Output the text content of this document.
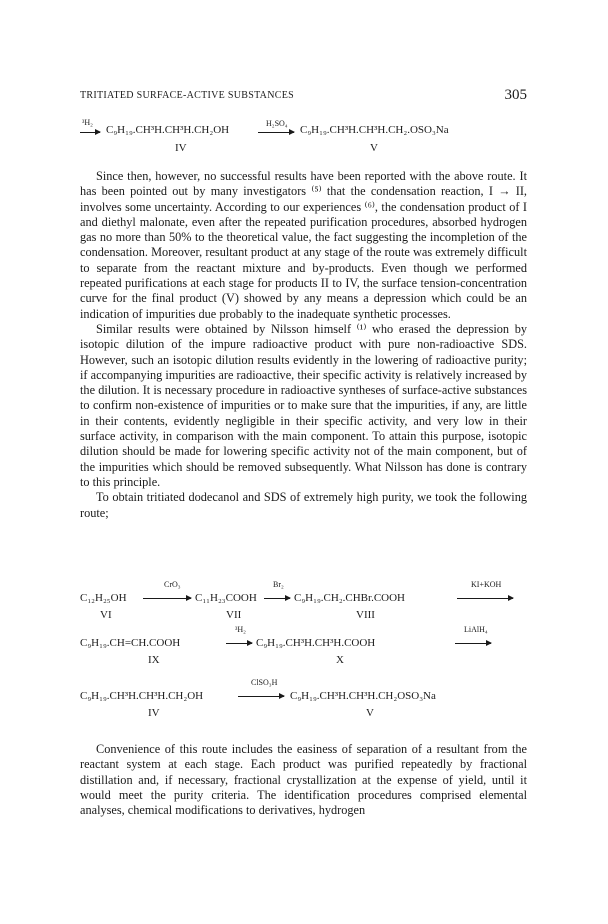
TRITIATED SURFACE-ACTIVE SUBSTANCES	305
³H₂
→ C₉H₁₉.CH³H.CH³H.CH₂OH
H₂SO₄
→ C₉H₁₉.CH³H.CH³H.CH₂.OSO₃Na
IV	V

Since then, however, no successful results have been reported with the above route. It has been pointed out by many investigators ⁽⁵⁾ that the condensation reaction, I → II, involves some uncertainty. According to our experiences ⁽⁶⁾, the condensation product of I and diethyl malonate, even after the repeated purification procedures, absorbed hydrogen gas no more than 50% to the theoretical value, the fact suggesting the incompletion of the condensation. Moreover, resultant product at any stage of the route was extremely difficult to separate from the reactant mixture and by-products. Even though we performed repeated purifications at each stage for products II to IV, the surface tension-concentration curve for the final product (V) showed by any means a depression which could be an indication of impurities due probably to the inadequate synthetic processes.

Similar results were obtained by Nilsson himself ⁽¹⁾ who erased the depression by isotopic dilution of the impure radioactive product with pure non-radioactive SDS. However, such an isotopic dilution results evidently in the lowering of radioactive purity; if accompanying impurities are radioactive, their specific activity is relatively increased by the dilution. It is necessary procedure in radioactive syntheses of surface-active substances to confirm non-existence of impurities or to make sure that the impurities, if any, are little in their contents, evidently negligible in their specific activity, and very low in their surface activity, in comparison with the main component. To attain this purpose, isotopic dilution should be made for lowering specific activity not of the main component, but of the impurities which should be removed subsequently. What Nilsson has done is contrary to this principle.

To obtain tritiated dodecanol and SDS of extremely high purity, we took the following route;

C₁₂H₂₅OH
CrO₃
C₁₁H₂₃COOH
Br₂
→ C₉H₁₉.CH₂.CHBr.COOH
KI+KOH
VI	VII	VIII
C₉H₁₉.CH=CH.COOH
³H₂
→ C₉H₁₉.CH³H.CH³H.COOH
LiAlH₄
IX	X
C₉H₁₉.CH³H.CH³H.CH₂OH
ClSO₃H
C₉H₁₉.CH³H.CH³H.CH₂OSO₃Na
IV	V

Convenience of this route includes the easiness of separation of a resultant from the reactant system at each stage. Each product was purified repeatedly by fractional distillation and, if necessary, fractional crystallization at the expense of yield, until it would meet the purity criteria. The identification procedures comprised elemental analyses, chemical modifications to derivatives, hydrogen
